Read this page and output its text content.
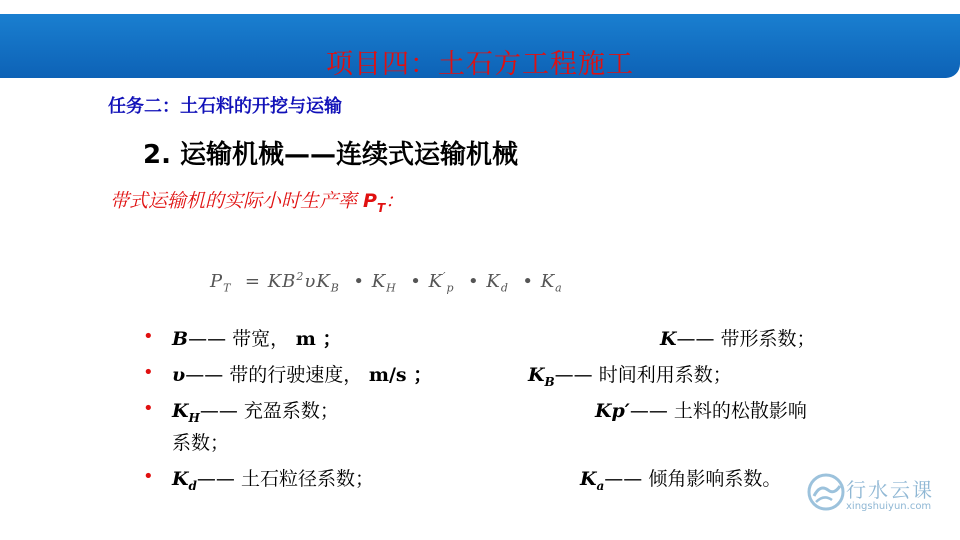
项目四：土石方工程施工
任务二：土石料的开挖与运输
2. 运输机械——连续式运输机械
带式运输机的实际小时生产率 $P_T$：
$P_T = KB^2\upsilon K_B$ • $K_H$ • $K'_p$ • $K_d$ • $K_a$
•
•
•
•
B—— 带宽， m ；	K—— 带形系数；
υ—— 带的行驶速度， m/s ；	$K_B——$ 时间利用系数；
$K_H——$ 充盈系数；	Kp′—— 土料的松散影响
系数；
$K_d——$ 土石粒径系数；	$K_a——$ 倾角影响系数。	行水云课
xingshuiyun.com
